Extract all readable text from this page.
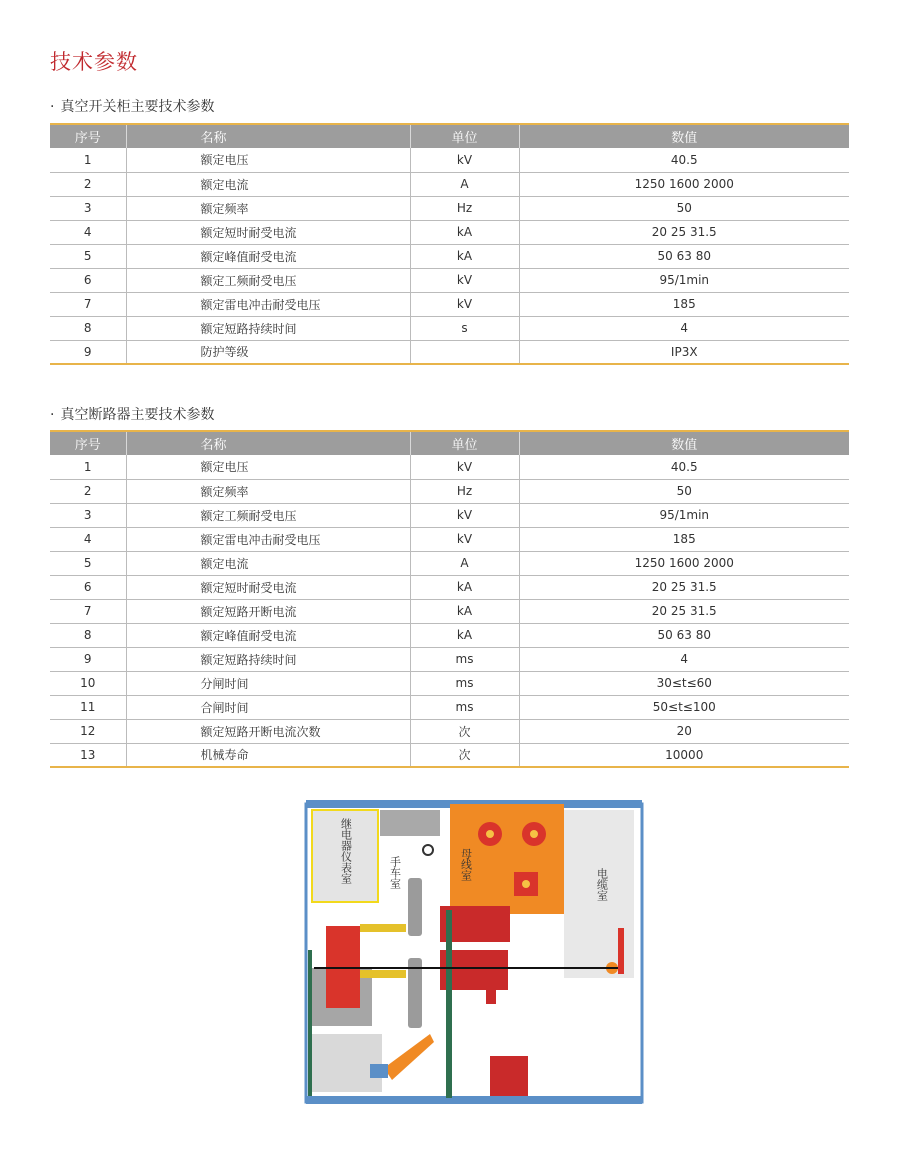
技术参数
· 真空开关柜主要技术参数
序号	名称	单位	数值
1	额定电压	kV	40.5
2	额定电流	A	1250 1600 2000
3	额定频率	Hz	50
4	额定短时耐受电流	kA	20 25 31.5
5	额定峰值耐受电流	kA	50 63 80
6	额定工频耐受电压	kV	95/1min
7	额定雷电冲击耐受电压	kV	185
8	额定短路持续时间	s	4
9	防护等级		IP3X
· 真空断路器主要技术参数
序号	名称	单位	数值
1	额定电压	kV	40.5
2	额定频率	Hz	50
3	额定工频耐受电压	kV	95/1min
4	额定雷电冲击耐受电压	kV	185
5	额定电流	A	1250 1600 2000
6	额定短时耐受电流	kA	20 25 31.5
7	额定短路开断电流	kA	20 25 31.5
8	额定峰值耐受电流	kA	50 63 80
9	额定短路持续时间	ms	4
10	分闸时间	ms	30≤t≤60
11	合闸时间	ms	50≤t≤100
12	额定短路开断电流次数	次	20
13	机械寿命	次	10000
继电器仪表室	手车室	母线室
电缆室
